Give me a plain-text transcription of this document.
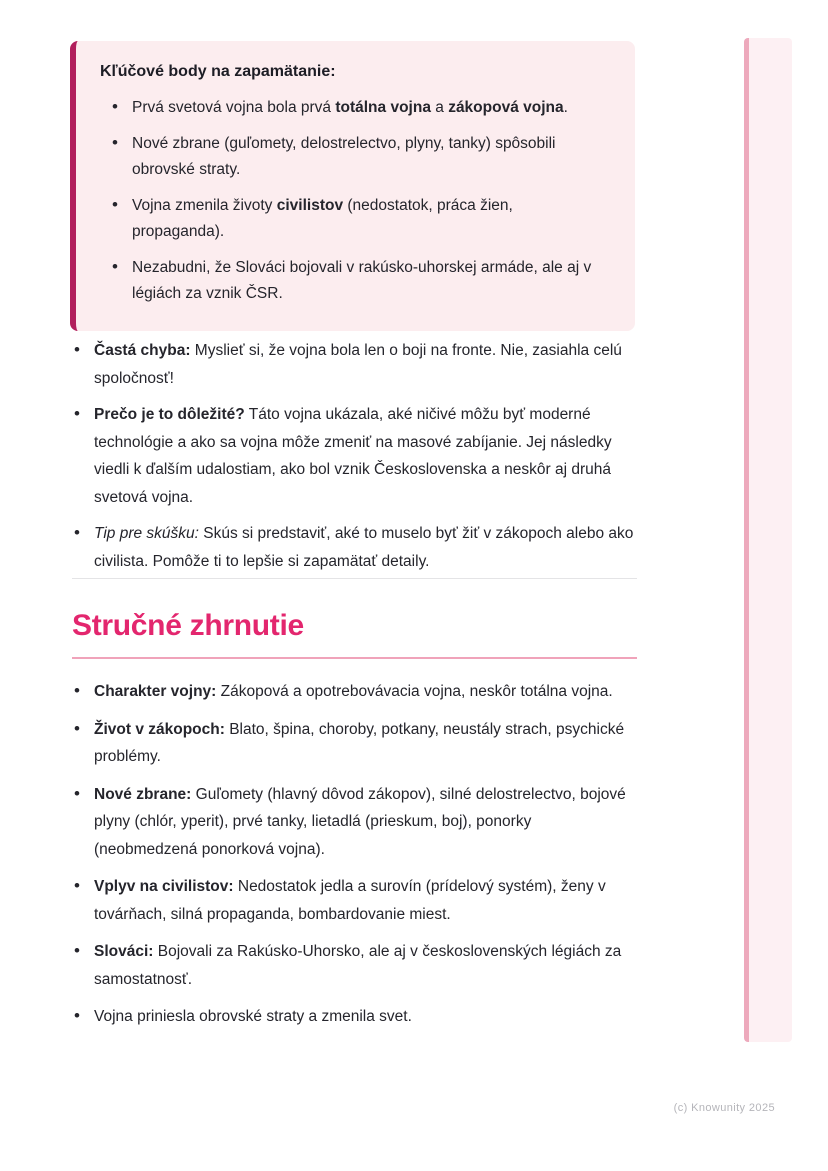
Kľúčové body na zapamätanie:
• Prvá svetová vojna bola prvá totálna vojna a zákopová vojna.
• Nové zbrane (guľomety, delostrelectvo, plyny, tanky) spôsobili obrovské straty.
• Vojna zmenila životy civilistov (nedostatok, práca žien, propaganda).
• Nezabudni, že Slováci bojovali v rakúsko-uhorskej armáde, ale aj v légiách za vznik ČSR.
• Častá chyba: Myslieť si, že vojna bola len o boji na fronte. Nie, zasiahla celú spoločnosť!
• Prečo je to dôležité? Táto vojna ukázala, aké ničivé môžu byť moderné technológie a ako sa vojna môže zmeniť na masové zabíjanie. Jej následky viedli k ďalším udalostiam, ako bol vznik Československa a neskôr aj druhá svetová vojna.
• Tip pre skúšku: Skús si predstaviť, aké to muselo byť žiť v zákopoch alebo ako civilista. Pomôže ti to lepšie si zapamätať detaily.
Stručné zhrnutie
• Charakter vojny: Zákopová a opotrebovávacia vojna, neskôr totálna vojna.
• Život v zákopoch: Blato, špina, choroby, potkany, neustály strach, psychické problémy.
• Nové zbrane: Guľomety (hlavný dôvod zákopov), silné delostrelectvo, bojové plyny (chlór, yperit), prvé tanky, lietadlá (prieskum, boj), ponorky (neobmedzená ponorková vojna).
• Vplyv na civilistov: Nedostatok jedla a surovín (prídelový systém), ženy v továrňach, silná propaganda, bombardovanie miest.
• Slováci: Bojovali za Rakúsko-Uhorsko, ale aj v československých légiách za samostatnosť.
• Vojna priniesla obrovské straty a zmenila svet.
(c) Knowunity 2025
